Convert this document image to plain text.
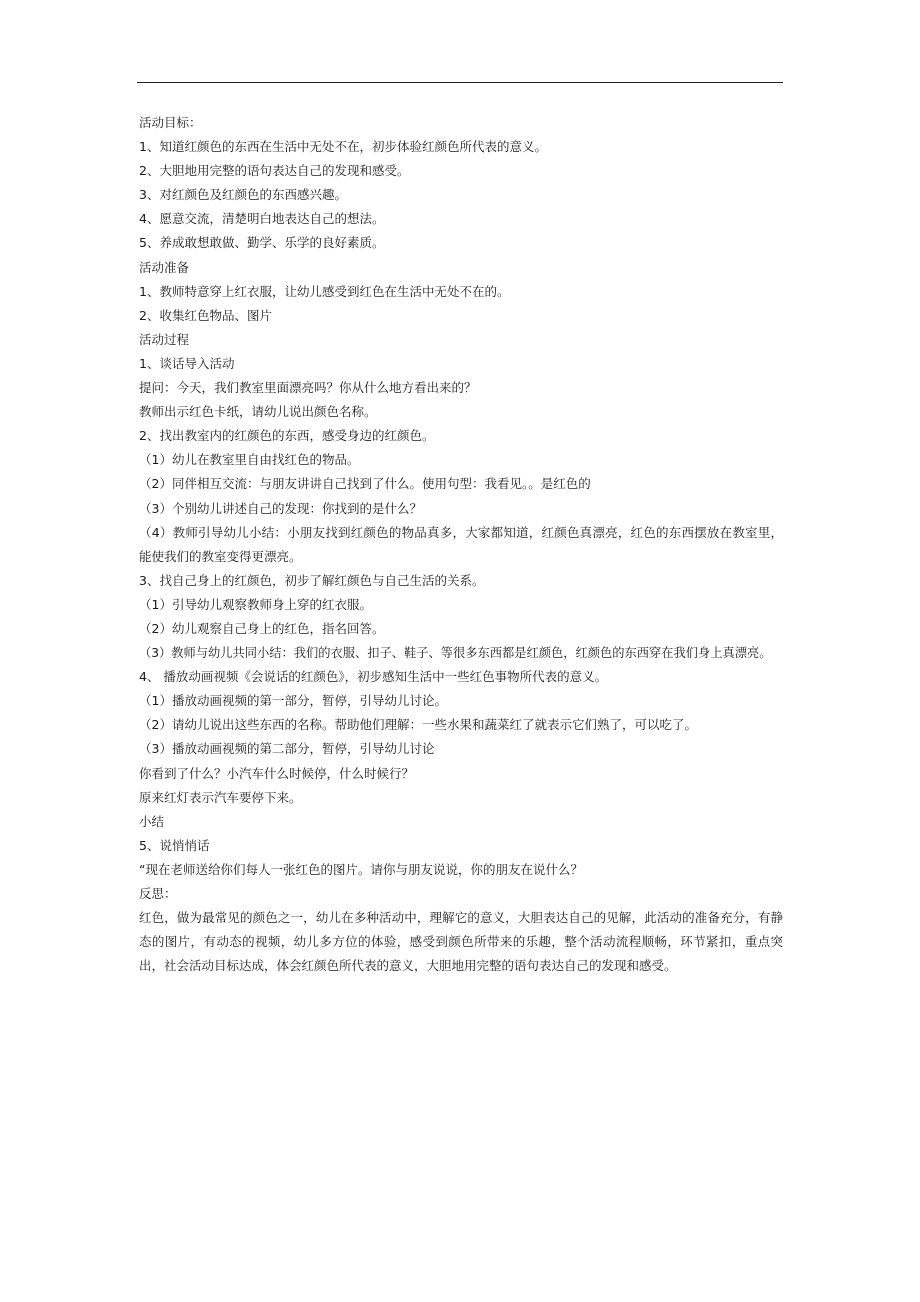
活动目标：
1、知道红颜色的东西在生活中无处不在，初步体验红颜色所代表的意义。
2、大胆地用完整的语句表达自己的发现和感受。
3、对红颜色及红颜色的东西感兴趣。
4、愿意交流，清楚明白地表达自己的想法。
5、养成敢想敢做、勤学、乐学的良好素质。
活动准备
1、教师特意穿上红衣服，让幼儿感受到红色在生活中无处不在的。
2、收集红色物品、图片
活动过程
1、谈话导入活动
提问：今天，我们教室里面漂亮吗？你从什么地方看出来的？
教师出示红色卡纸，请幼儿说出颜色名称。
2、找出教室内的红颜色的东西，感受身边的红颜色。
（1）幼儿在教室里自由找红色的物品。
（2）同伴相互交流：与朋友讲讲自己找到了什么。使用句型：我看见。。是红色的
（3）个别幼儿讲述自己的发现：你找到的是什么？
（4）教师引导幼儿小结：小朋友找到红颜色的物品真多，大家都知道，红颜色真漂亮，红色的东西摆放在教室里，能使我们的教室变得更漂亮。
3、找自己身上的红颜色，初步了解红颜色与自己生活的关系。
（1）引导幼儿观察教师身上穿的红衣服。
（2）幼儿观察自己身上的红色，指名回答。
（3）教师与幼儿共同小结：我们的衣服、扣子、鞋子、等很多东西都是红颜色，红颜色的东西穿在我们身上真漂亮。
4、 播放动画视频《会说话的红颜色》，初步感知生活中一些红色事物所代表的意义。
（1）播放动画视频的第一部分，暂停，引导幼儿讨论。
（2）请幼儿说出这些东西的名称。帮助他们理解：一些水果和蔬菜红了就表示它们熟了，可以吃了。
（3）播放动画视频的第二部分，暂停，引导幼儿讨论
你看到了什么？小汽车什么时候停，什么时候行？
原来红灯表示汽车要停下来。
小结
5、说悄悄话
“现在老师送给你们每人一张红色的图片。请你与朋友说说，你的朋友在说什么？
反思：
红色，做为最常见的颜色之一，幼儿在多种活动中，理解它的意义，大胆表达自己的见解，此活动的准备充分，有静态的图片，有动态的视频，幼儿多方位的体验，感受到颜色所带来的乐趣，整个活动流程顺畅，环节紧扣，重点突出，社会活动目标达成，体会红颜色所代表的意义，大胆地用完整的语句表达自己的发现和感受。
